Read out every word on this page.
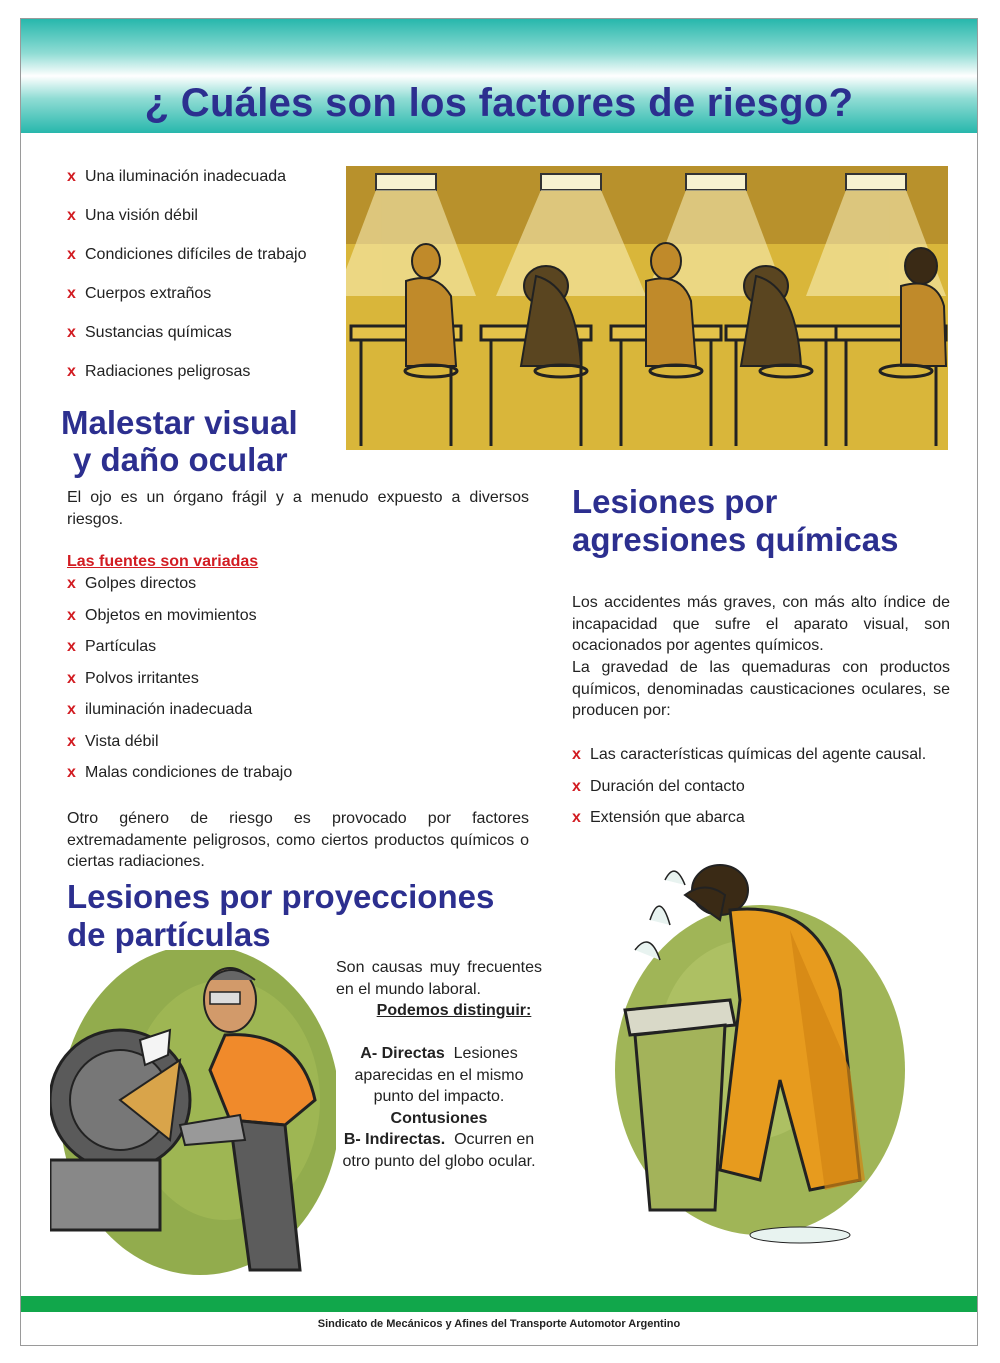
¿ Cuáles son los factores de riesgo?
x Una iluminación inadecuada
x Una visión débil
x Condiciones difíciles de trabajo
x Cuerpos extraños
x Sustancias químicas
x Radiaciones peligrosas
Malestar visual
y daño ocular

El ojo es un órgano frágil y a menudo expuesto a diversos riesgos.

Las fuentes son variadas
x Golpes directos
x Objetos en movimientos
x Partículas
x Polvos irritantes
x iluminación inadecuada
x Vista débil
x Malas condiciones de trabajo

Otro género de riesgo es provocado por factores extremadamente peligrosos, como ciertos productos químicos o ciertas radiaciones.

Lesiones por
agresiones químicas

Los accidentes más graves, con más alto índice de incapacidad que sufre el aparato visual, son ocacionados por agentes químicos.

La gravedad de las quemaduras con productos químicos, denominadas causticaciones oculares, se producen por:

x Las características químicas del agente causal.
x Duración del contacto
x Extensión que abarca
Lesiones por proyecciones
de partículas

Son causas muy frecuentes en el mundo laboral.

Podemos distinguir:
A- Directas Lesiones aparecidas en el mismo punto del impacto.
Contusiones
B- Indirectas. Ocurren en otro punto del globo ocular.
Sindicato de Mecánicos y Afines del Transporte Automotor Argentino
